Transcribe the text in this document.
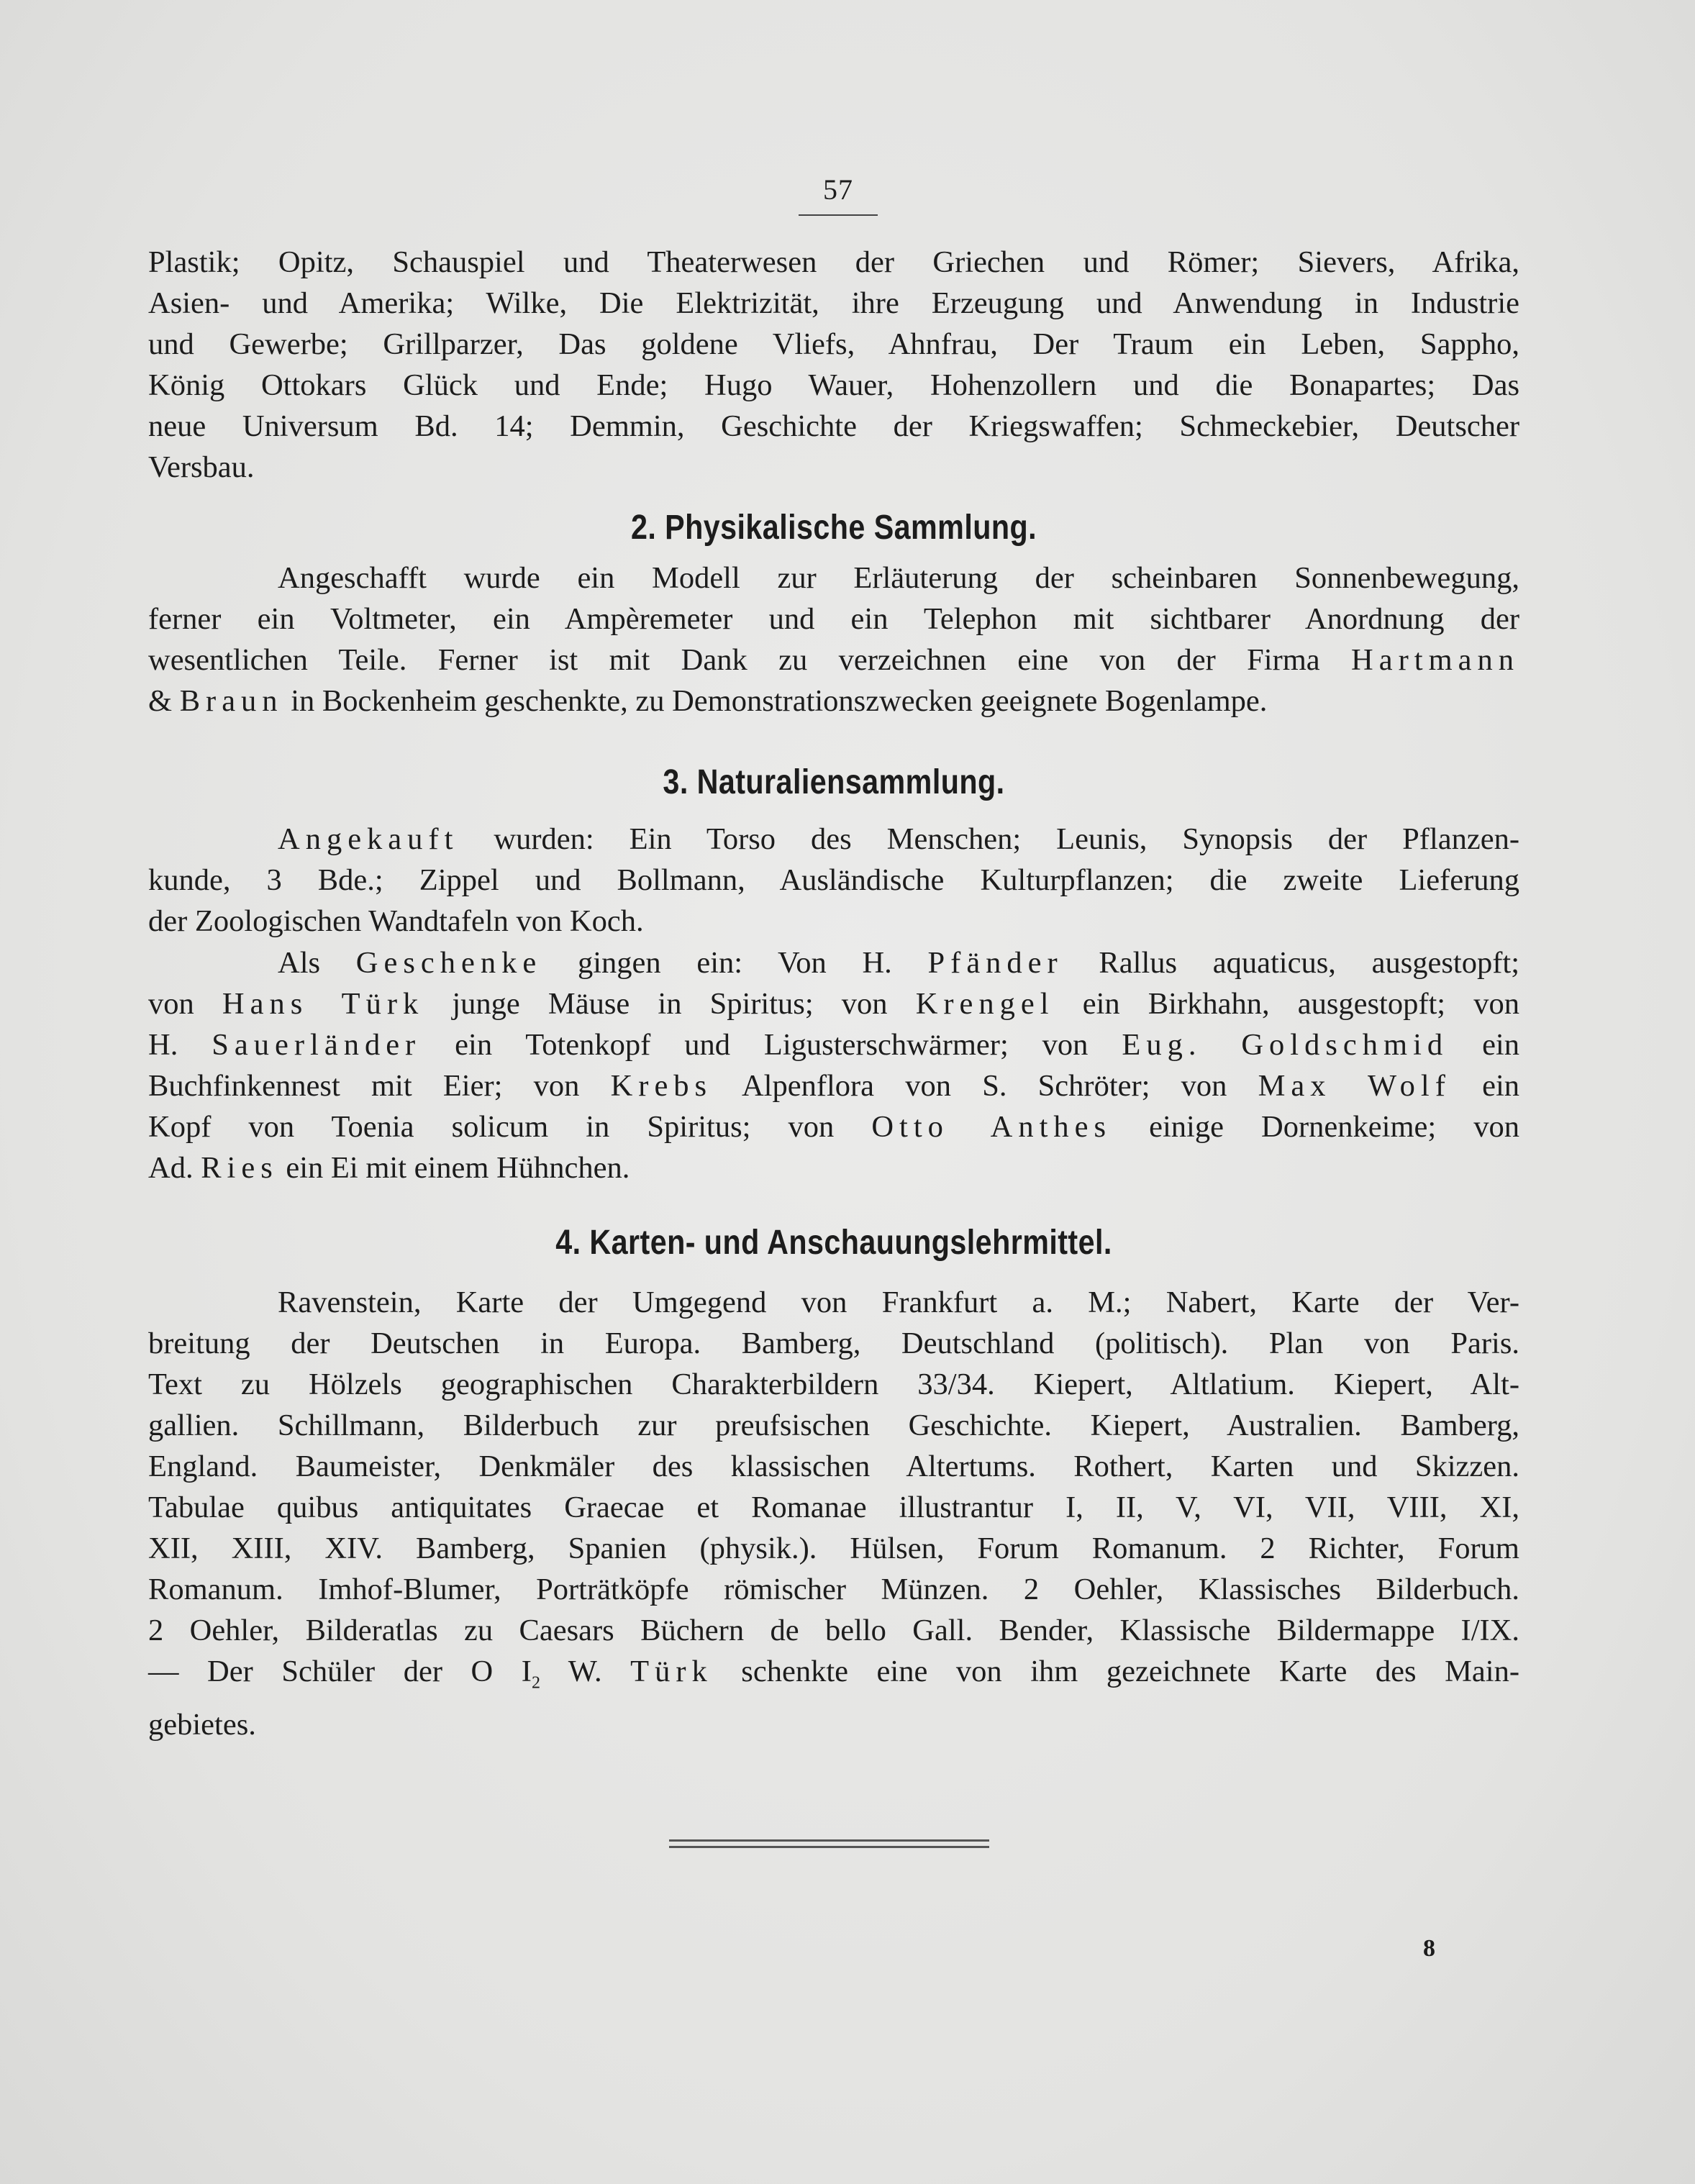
57

Plastik; Opitz, Schauspiel und Theaterwesen der Griechen und Römer; Sievers, Afrika,

Asien- und Amerika; Wilke, Die Elektrizität, ihre Erzeugung und Anwendung in Industrie

und Gewerbe; Grillparzer, Das goldene Vliefs, Ahnfrau, Der Traum ein Leben, Sappho,

König Ottokars Glück und Ende; Hugo Wauer, Hohenzollern und die Bonapartes; Das

neue Universum Bd. 14; Demmin, Geschichte der Kriegswaffen; Schmeckebier, Deutscher

Versbau.

2. Physikalische Sammlung.

Angeschafft wurde ein Modell zur Erläuterung der scheinbaren Sonnenbewegung,

ferner ein Voltmeter, ein Ampèremeter und ein Telephon mit sichtbarer Anordnung der

wesentlichen Teile. Ferner ist mit Dank zu verzeichnen eine von der Firma Hartmann

& Braun in Bockenheim geschenkte, zu Demonstrationszwecken geeignete Bogenlampe.

3. Naturaliensammlung.

Angekauft wurden: Ein Torso des Menschen; Leunis, Synopsis der Pflanzen-

kunde, 3 Bde.; Zippel und Bollmann, Ausländische Kulturpflanzen; die zweite Lieferung

der Zoologischen Wandtafeln von Koch.

Als Geschenke gingen ein: Von H. Pfänder Rallus aquaticus, ausgestopft;

von Hans Türk junge Mäuse in Spiritus; von Krengel ein Birkhahn, ausgestopft; von

H. Sauerländer ein Totenkopf und Ligusterschwärmer; von Eug. Goldschmid ein

Buchfinkennest mit Eier; von Krebs Alpenflora von S. Schröter; von Max Wolf ein

Kopf von Toenia solicum in Spiritus; von Otto Anthes einige Dornenkeime; von

Ad. Ries ein Ei mit einem Hühnchen.

4. Karten- und Anschauungslehrmittel.

Ravenstein, Karte der Umgegend von Frankfurt a. M.; Nabert, Karte der Ver-

breitung der Deutschen in Europa. Bamberg, Deutschland (politisch). Plan von Paris.

Text zu Hölzels geographischen Charakterbildern 33/34. Kiepert, Altlatium. Kiepert, Alt-

gallien. Schillmann, Bilderbuch zur preufsischen Geschichte. Kiepert, Australien. Bamberg,

England. Baumeister, Denkmäler des klassischen Altertums. Rothert, Karten und Skizzen.

Tabulae quibus antiquitates Graecae et Romanae illustrantur I, II, V, VI, VII, VIII, XI,

XII, XIII, XIV. Bamberg, Spanien (physik.). Hülsen, Forum Romanum. 2 Richter, Forum

Romanum. Imhof-Blumer, Porträtköpfe römischer Münzen. 2 Oehler, Klassisches Bilderbuch.

2 Oehler, Bilderatlas zu Caesars Büchern de bello Gall. Bender, Klassische Bildermappe I/IX.

— Der Schüler der O $I_2$ W. Türk schenkte eine von ihm gezeichnete Karte des Main-

gebietes.

8
